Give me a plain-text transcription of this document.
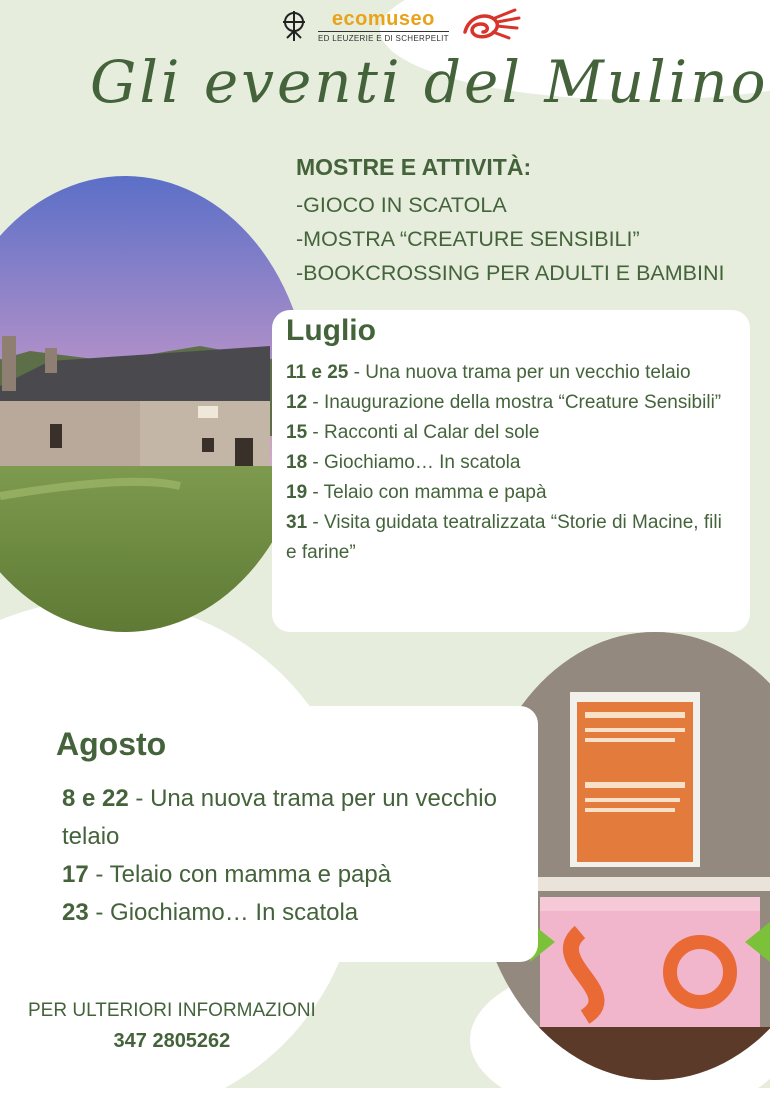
ecomuseo
ED LEUZERIE E DI SCHERPELIT
Gli eventi del Mulino
MOSTRE E ATTIVITÀ:
-GIOCO IN SCATOLA
-MOSTRA “CREATURE SENSIBILI”
-BOOKCROSSING PER ADULTI E BAMBINI
Luglio
11 e 25 - Una nuova trama per un vecchio telaio
12 - Inaugurazione della mostra “Creature Sensibili”
15 - Racconti al Calar del sole
18 - Giochiamo… In scatola
19 - Telaio con mamma e papà
31 - Visita guidata teatralizzata “Storie di Macine, fili e farine”
Agosto
8 e 22 - Una nuova trama per un vecchio telaio
17 - Telaio con mamma e papà
23 - Giochiamo… In scatola
PER ULTERIORI INFORMAZIONI
347 2805262
